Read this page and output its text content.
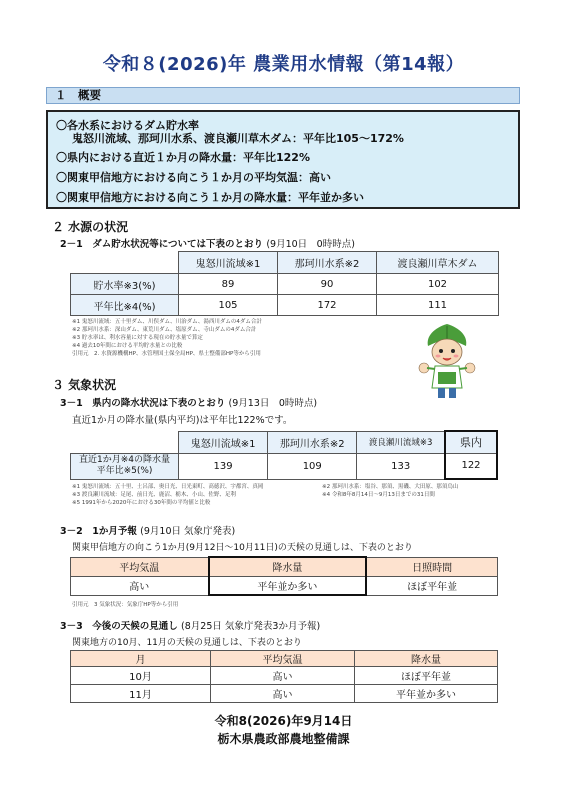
令和８(2026)年 農業用水情報（第14報）
１　概要
〇各水系におけるダム貯水率
鬼怒川流域、那珂川水系、渡良瀬川草木ダム：平年比105～172%
〇県内における直近１か月の降水量：平年比122%
〇関東甲信地方における向こう１か月の平均気温：高い
〇関東甲信地方における向こう１か月の降水量：平年並か多い
２ 水源の状況
2－1　ダム貯水状況等については下表のとおり (9月10日　0時時点)
	鬼怒川流域※1	那珂川水系※2	渡良瀬川草木ダム
貯水率※3(%)	89	90	102
平年比※4(%)	105	172	111
※1 鬼怒川流域：五十里ダム、川俣ダム、川治ダム、湯西川ダムの4ダム合計
※2 那珂川水系：深山ダム、東荒川ダム、塩原ダム、寺山ダムの4ダム合計
※3 貯水率は、利水容量に対する現在の貯水量で算定
※4 過去10年間における平均貯水量との比較
引用元　2. 水資源機構HP、水管理国土保全局HP、県土整備部HP等から引用
３ 気象状況
3－1　県内の降水状況は下表のとおり (9月13日　0時時点)
直近1か月の降水量(県内平均)は平年比122%です。
	鬼怒川流域※1	那珂川水系※2	渡良瀬川流域※3	県内
直近1か月※4の降水量平年比※5(%)	139	109	133	122
※1 鬼怒川流域：五十里、土呂部、奥日光、日光東町、高徳沢、宇都宮、真岡
※3 渡良瀬川流域：足尾、前日光、鹿沼、栃木、小山、佐野、足利
※5 1991年から2020年における30年間の平均値と比較
※2 那珂川水系：塩谷、那須、黒磯、大田原、那須烏山
※4 令和8年8月14日～9月13日までの31日間
3－2　1か月予報 (9月10日 気象庁発表)
関東甲信地方の向こう1か月(9月12日～10月11日)の天候の見通しは、下表のとおり
平均気温	降水量	日照時間
高い	平年並か多い	ほぼ平年並
引用元　3 気象状況：気象庁HP等から引用
3－3　今後の天候の見通し (8月25日 気象庁発表3か月予報)
関東地方の10月、11月の天候の見通しは、下表のとおり
月	平均気温	降水量
10月	高い	ほぼ平年並
11月	高い	平年並か多い
令和8(2026)年9月14日
栃木県農政部農地整備課
